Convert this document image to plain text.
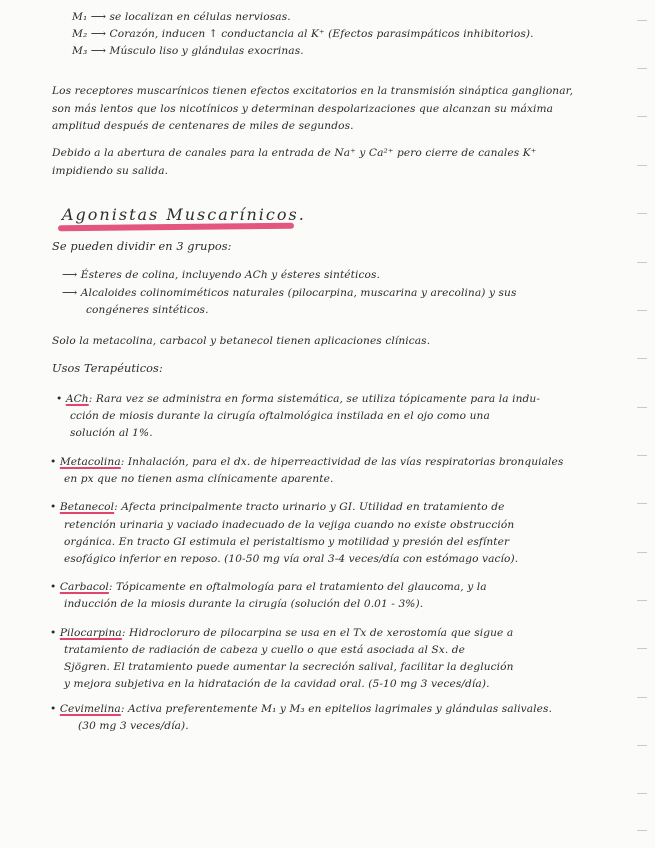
M₁ ⟶ se localizan en células nerviosas.
M₂ ⟶ Corazón, inducen ↑ conductancia al K⁺ (Efectos parasimpáticos inhibitorios).
M₃ ⟶ Músculo liso y glándulas exocrinas.
Los receptores muscarínicos tienen efectos excitatorios en la transmisión sináptica ganglionar,
son más lentos que los nicotínicos y determinan despolarizaciones que alcanzan su máxima
amplitud después de centenares de miles de segundos.
Debido a la abertura de canales para la entrada de Na⁺ y Ca²⁺ pero cierre de canales K⁺
impidiendo su salida.
Agonistas Muscarínicos.
Se pueden dividir en 3 grupos:
⟶ Ésteres de colina, incluyendo ACh y ésteres sintéticos.
⟶ Alcaloides colinomiméticos naturales (pilocarpina, muscarina y arecolina) y sus
congéneres sintéticos.
Solo la metacolina, carbacol y betanecol tienen aplicaciones clínicas.
Usos Terapéuticos:
• ACh: Rara vez se administra en forma sistemática, se utiliza tópicamente para la indu-
cción de miosis durante la cirugía oftalmológica instilada en el ojo como una
solución al 1%.
• Metacolina: Inhalación, para el dx. de hiperreactividad de las vías respiratorias bronquiales
en px que no tienen asma clínicamente aparente.
• Betanecol: Afecta principalmente tracto urinario y GI. Utilidad en tratamiento de
retención urinaria y vaciado inadecuado de la vejiga cuando no existe obstrucción
orgánica. En tracto GI estimula el peristaltismo y motilidad y presión del esfínter
esofágico inferior en reposo. (10-50 mg vía oral 3-4 veces/día con estómago vacío).
• Carbacol: Tópicamente en oftalmología para el tratamiento del glaucoma, y la
inducción de la miosis durante la cirugía (solución del 0.01 - 3%).
• Pilocarpina: Hidrocloruro de pilocarpina se usa en el Tx de xerostomía que sigue a
tratamiento de radiación de cabeza y cuello o que está asociada al Sx. de
Sjögren. El tratamiento puede aumentar la secreción salival, facilitar la deglución
y mejora subjetiva en la hidratación de la cavidad oral. (5-10 mg 3 veces/día).
• Cevimelina: Activa preferentemente M₁ y M₃ en epitelios lagrimales y glándulas salivales.
(30 mg 3 veces/día).
